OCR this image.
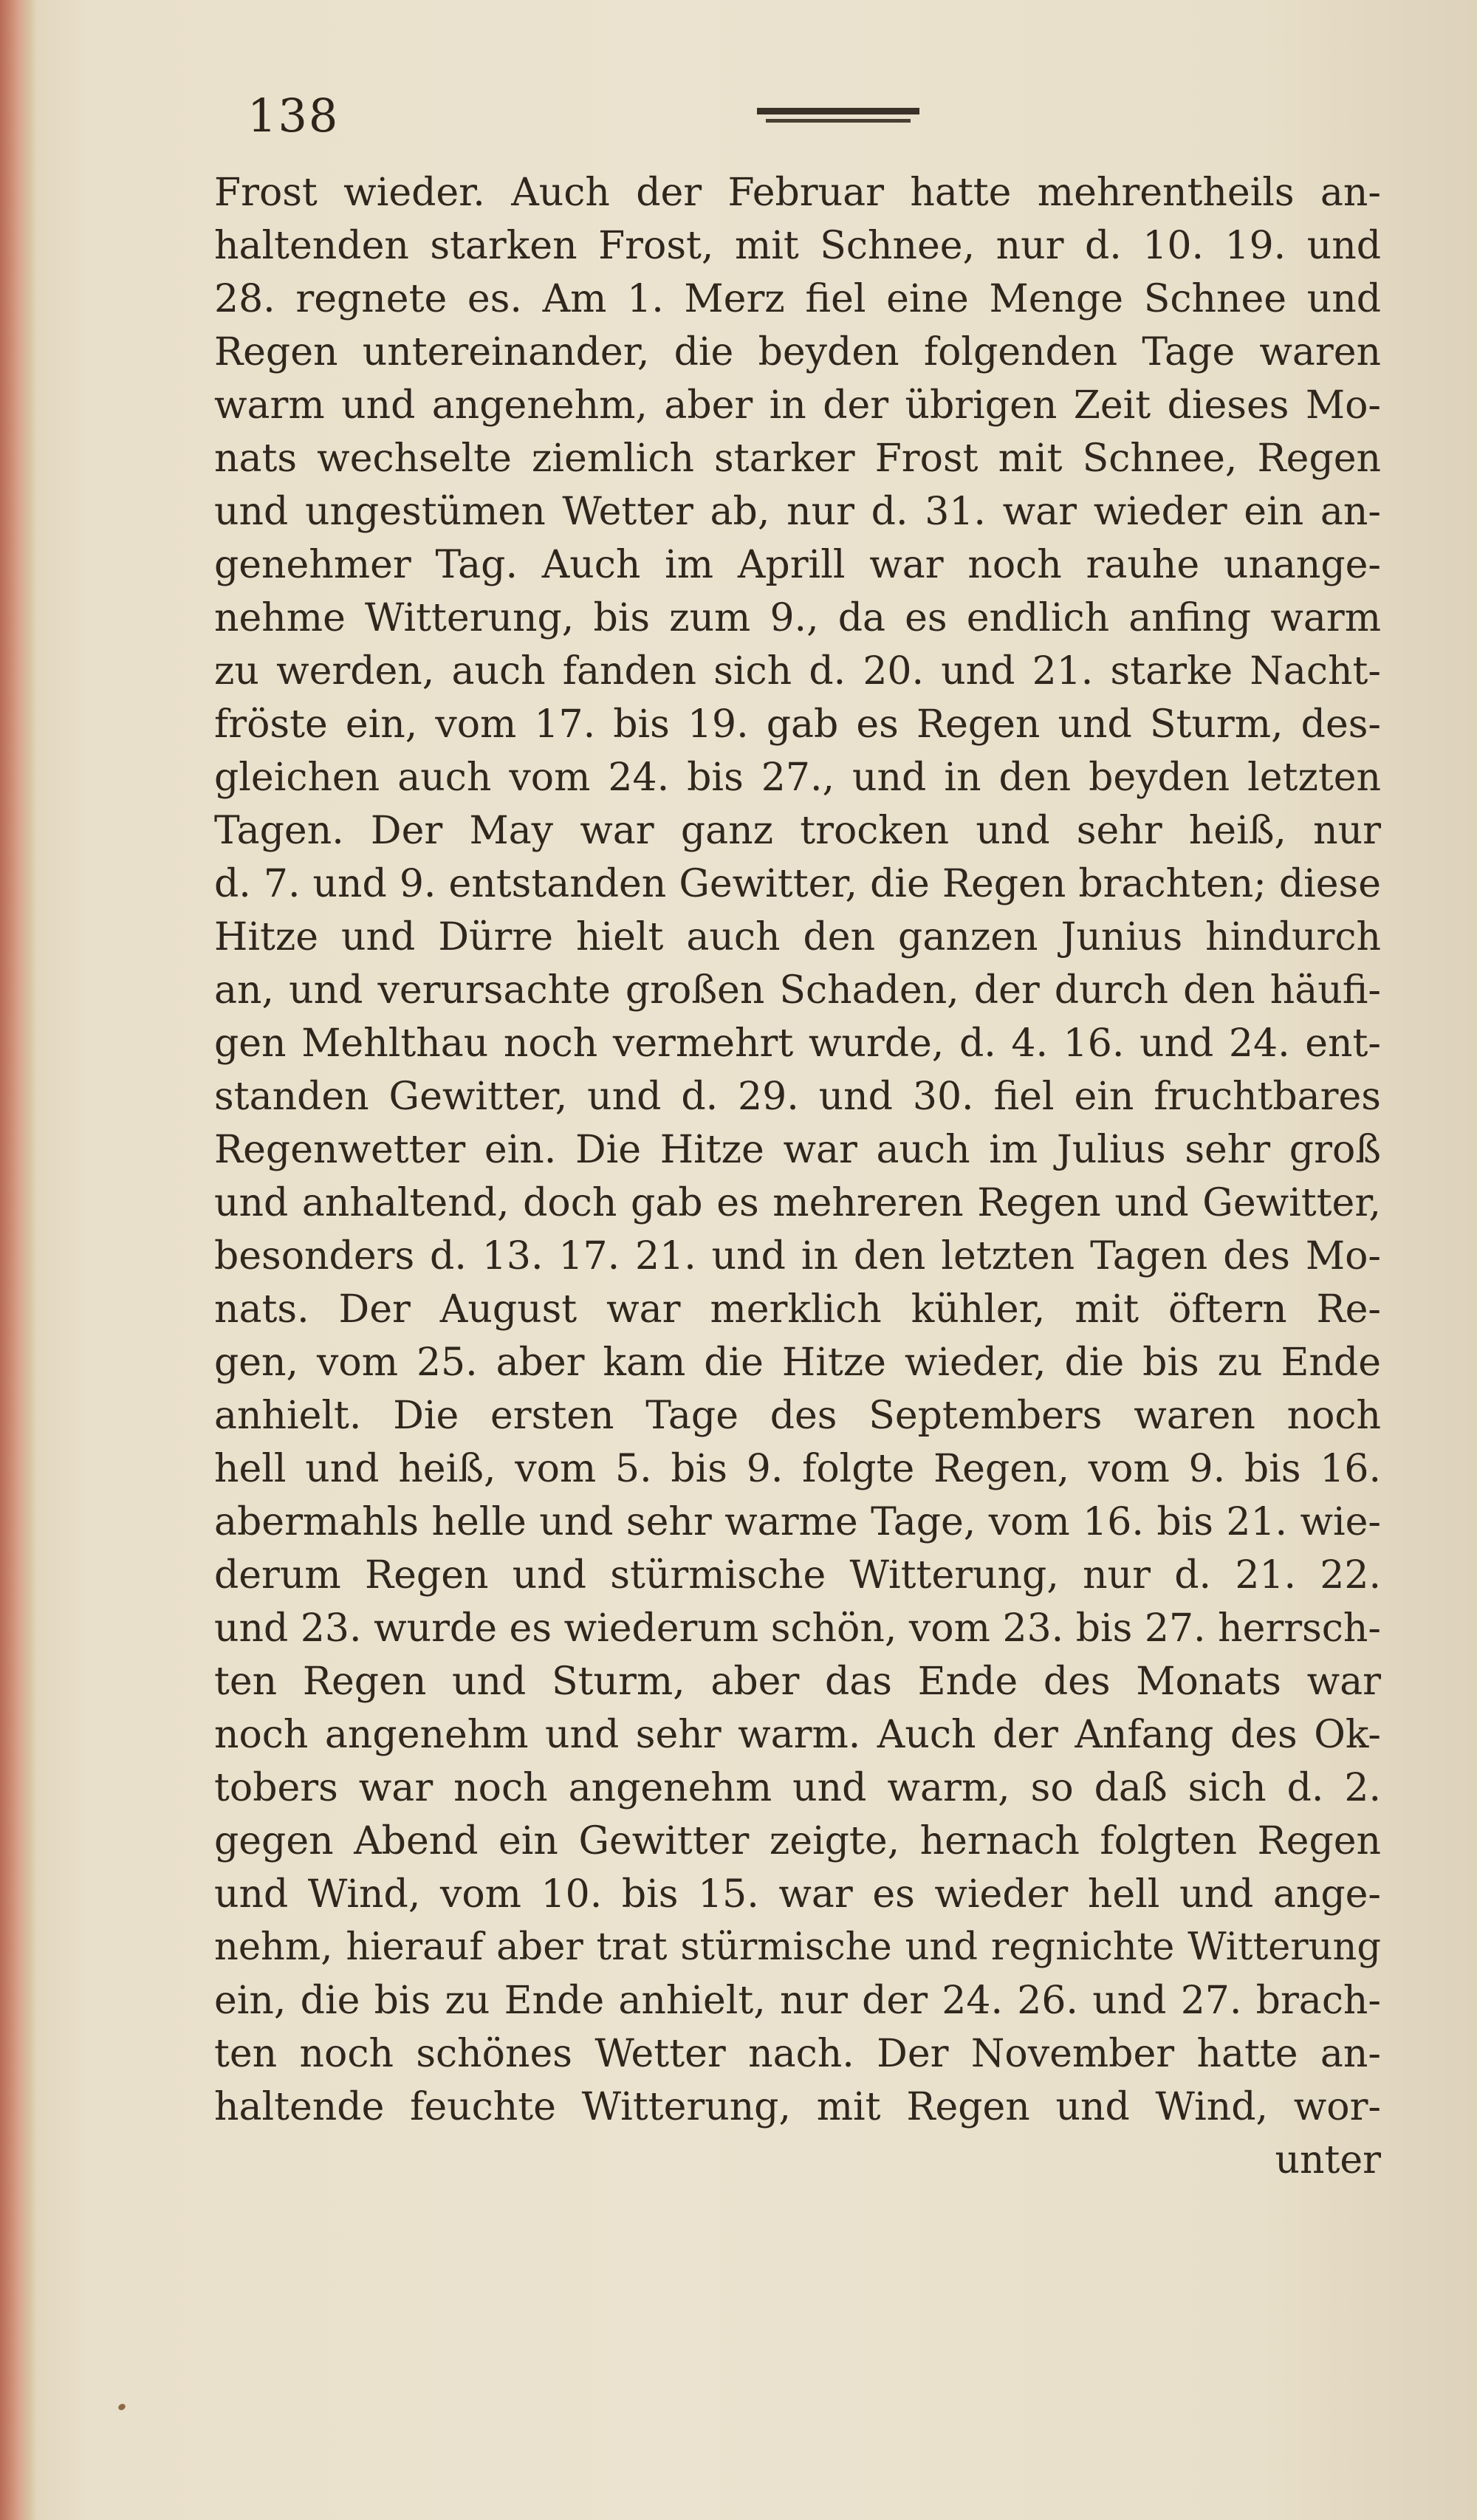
138
Frost wieder. Auch der Februar hatte mehrentheils an-
haltenden starken Frost, mit Schnee, nur d. 10. 19. und
28. regnete es. Am 1. Merz fiel eine Menge Schnee und
Regen untereinander, die beyden folgenden Tage waren
warm und angenehm, aber in der übrigen Zeit dieses Mo-
nats wechselte ziemlich starker Frost mit Schnee, Regen
und ungestümen Wetter ab, nur d. 31. war wieder ein an-
genehmer Tag. Auch im Aprill war noch rauhe unange-
nehme Witterung, bis zum 9., da es endlich anfing warm
zu werden, auch fanden sich d. 20. und 21. starke Nacht-
fröste ein, vom 17. bis 19. gab es Regen und Sturm, des-
gleichen auch vom 24. bis 27., und in den beyden letzten
Tagen. Der May war ganz trocken und sehr heiß, nur
d. 7. und 9. entstanden Gewitter, die Regen brachten; diese
Hitze und Dürre hielt auch den ganzen Junius hindurch
an, und verursachte großen Schaden, der durch den häufi-
gen Mehlthau noch vermehrt wurde, d. 4. 16. und 24. ent-
standen Gewitter, und d. 29. und 30. fiel ein fruchtbares
Regenwetter ein. Die Hitze war auch im Julius sehr groß
und anhaltend, doch gab es mehreren Regen und Gewitter,
besonders d. 13. 17. 21. und in den letzten Tagen des Mo-
nats. Der August war merklich kühler, mit öftern Re-
gen, vom 25. aber kam die Hitze wieder, die bis zu Ende
anhielt. Die ersten Tage des Septembers waren noch
hell und heiß, vom 5. bis 9. folgte Regen, vom 9. bis 16.
abermahls helle und sehr warme Tage, vom 16. bis 21. wie-
derum Regen und stürmische Witterung, nur d. 21. 22.
und 23. wurde es wiederum schön, vom 23. bis 27. herrsch-
ten Regen und Sturm, aber das Ende des Monats war
noch angenehm und sehr warm. Auch der Anfang des Ok-
tobers war noch angenehm und warm, so daß sich d. 2.
gegen Abend ein Gewitter zeigte, hernach folgten Regen
und Wind, vom 10. bis 15. war es wieder hell und ange-
nehm, hierauf aber trat stürmische und regnichte Witterung
ein, die bis zu Ende anhielt, nur der 24. 26. und 27. brach-
ten noch schönes Wetter nach. Der November hatte an-
haltende feuchte Witterung, mit Regen und Wind, wor-
unter
